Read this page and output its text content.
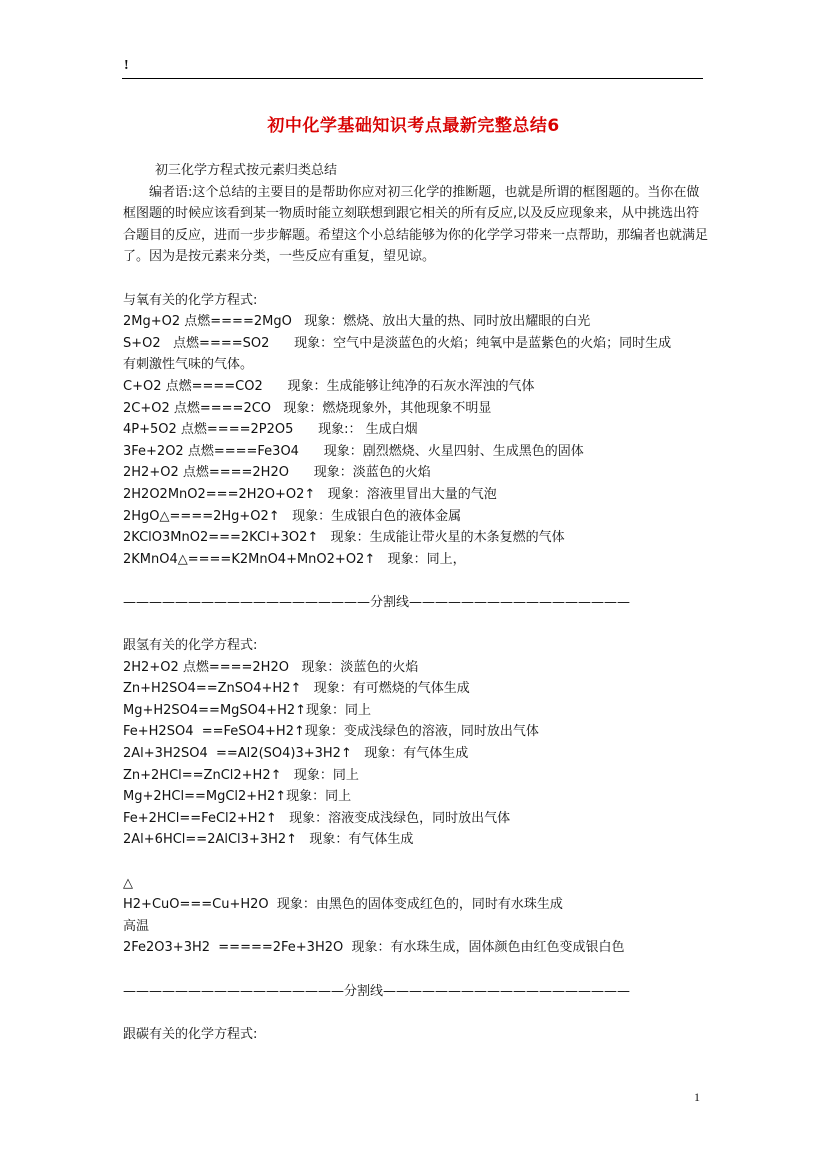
!
初中化学基础知识考点最新完整总结6
初三化学方程式按元素归类总结
编者语:这个总结的主要目的是帮助你应对初三化学的推断题，也就是所谓的框图题的。当你在做框图题的时候应该看到某一物质时能立刻联想到跟它相关的所有反应,以及反应现象来，从中挑选出符合题目的反应，进而一步步解题。希望这个小总结能够为你的化学学习带来一点帮助，那编者也就满足了。因为是按元素来分类，一些反应有重复，望见谅。
与氧有关的化学方程式:
2Mg+O2 点燃====2MgO   现象：燃烧、放出大量的热、同时放出耀眼的白光
S+O2   点燃====SO2      现象：空气中是淡蓝色的火焰；纯氧中是蓝紫色的火焰；同时生成
有刺激性气味的气体。
C+O2 点燃====CO2      现象：生成能够让纯净的石灰水浑浊的气体
2C+O2 点燃====2CO   现象：燃烧现象外，其他现象不明显
4P+5O2 点燃====2P2O5      现象:： 生成白烟
3Fe+2O2 点燃====Fe3O4      现象：剧烈燃烧、火星四射、生成黑色的固体
2H2+O2 点燃====2H2O      现象：淡蓝色的火焰
2H2O2MnO2===2H2O+O2↑   现象：溶液里冒出大量的气泡
2HgO△====2Hg+O2↑   现象：生成银白色的液体金属
2KClO3MnO2===2KCl+3O2↑   现象：生成能让带火星的木条复燃的气体
2KMnO4△====K2MnO4+MnO2+O2↑   现象：同上，
———————————————————分割线—————————————————
跟氢有关的化学方程式:
2H2+O2 点燃====2H2O   现象：淡蓝色的火焰
Zn+H2SO4==ZnSO4+H2↑   现象：有可燃烧的气体生成
Mg+H2SO4==MgSO4+H2↑现象：同上
Fe+H2SO4  ==FeSO4+H2↑现象：变成浅绿色的溶液，同时放出气体
2Al+3H2SO4  ==Al2(SO4)3+3H2↑   现象：有气体生成
Zn+2HCl==ZnCl2+H2↑   现象：同上
Mg+2HCl==MgCl2+H2↑现象：同上
Fe+2HCl==FeCl2+H2↑   现象：溶液变成浅绿色，同时放出气体
2Al+6HCl==2AlCl3+3H2↑   现象：有气体生成
△
H2+CuO===Cu+H2O  现象：由黑色的固体变成红色的，同时有水珠生成
高温
2Fe2O3+3H2  =====2Fe+3H2O  现象：有水珠生成，固体颜色由红色变成银白色
—————————————————分割线———————————————————
跟碳有关的化学方程式:
1
